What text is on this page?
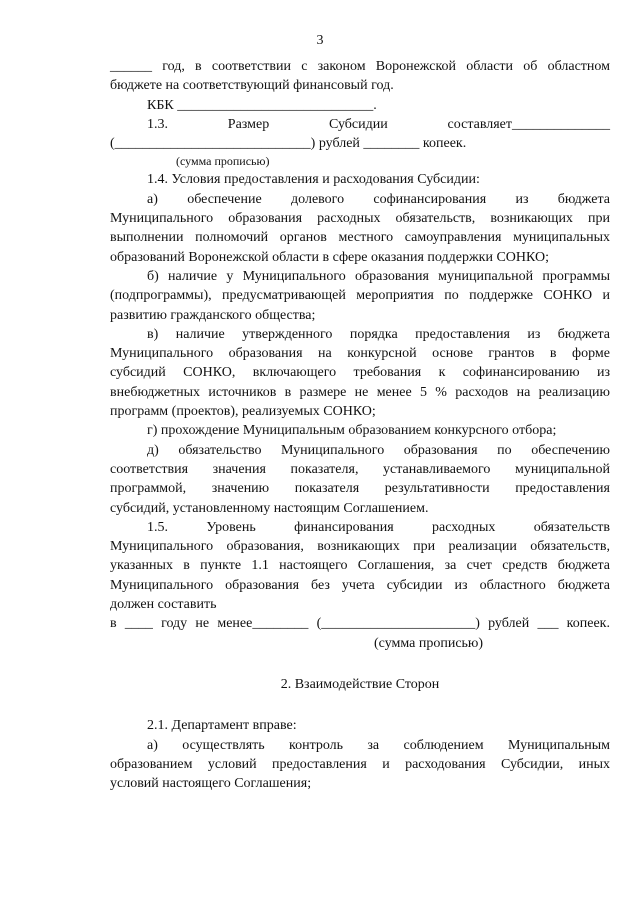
3
______ год, в соответствии с законом Воронежской области об областном
бюджете на соответствующий финансовый год.
КБК ____________________________.
1.3. Размер Субсидии составляет______________
(____________________________) рублей ________ копеек.
(сумма прописью)
1.4. Условия предоставления и расходования Субсидии:
а) обеспечение долевого софинансирования из бюджета
Муниципального образования расходных обязательств, возникающих при
выполнении полномочий органов местного самоуправления муниципальных
образований Воронежской области в сфере оказания поддержки СОНКО;
б) наличие у Муниципального образования муниципальной программы
(подпрограммы), предусматривающей мероприятия по поддержке СОНКО и
развитию гражданского общества;
в) наличие утвержденного порядка предоставления из бюджета
Муниципального образования на конкурсной основе грантов в форме
субсидий СОНКО, включающего требования к софинансированию из
внебюджетных источников в размере не менее 5 % расходов на реализацию
программ (проектов), реализуемых СОНКО;
г) прохождение Муниципальным образованием конкурсного отбора;
д) обязательство Муниципального образования по обеспечению
соответствия значения показателя, устанавливаемого муниципальной
программой, значению показателя результативности предоставления
субсидий, установленному настоящим Соглашением.
1.5. Уровень финансирования расходных обязательств
Муниципального образования, возникающих при реализации обязательств,
указанных в пункте 1.1 настоящего Соглашения, за счет средств бюджета
Муниципального образования без учета субсидии из областного бюджета
должен составить
в ____ году не менее________ (______________________) рублей ___ копеек.
(сумма прописью)
2. Взаимодействие Сторон
2.1. Департамент вправе:
а) осуществлять контроль за соблюдением Муниципальным
образованием условий предоставления и расходования Субсидии, иных
условий настоящего Соглашения;
